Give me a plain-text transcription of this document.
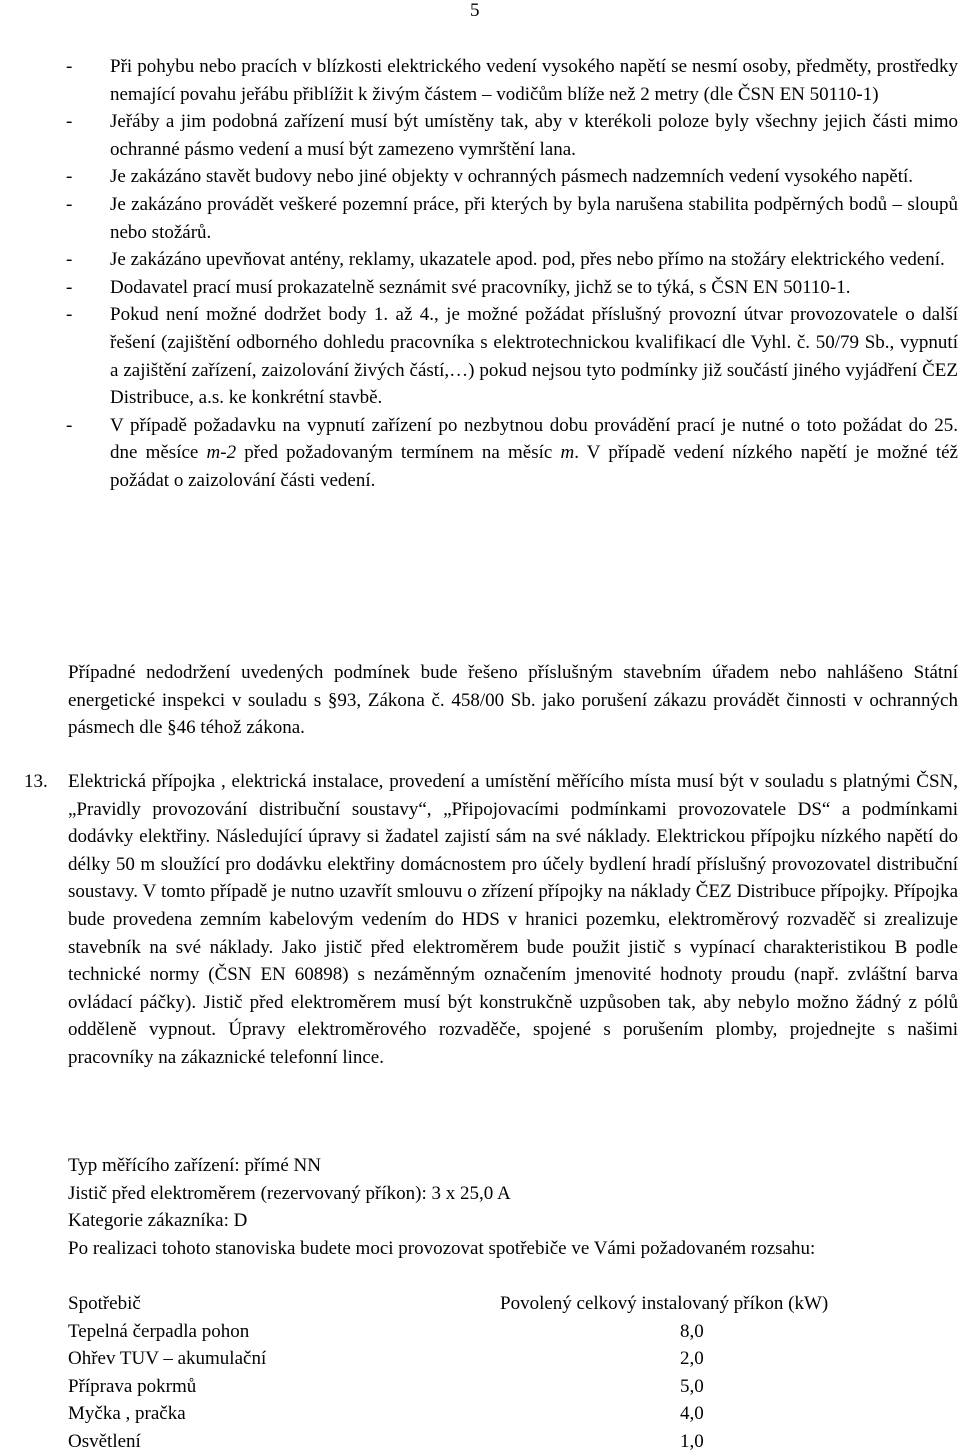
5
- Při pohybu nebo pracích v blízkosti elektrického vedení vysokého napětí se nesmí osoby, předměty, prostředky nemající povahu jeřábu přiblížit k živým částem – vodičům blíže než 2 metry (dle ČSN EN 50110-1)
- Jeřáby a jim podobná zařízení musí být umístěny tak, aby v kterékoli poloze byly všechny jejich části mimo ochranné pásmo vedení a musí být zamezeno vymrštění lana.
- Je zakázáno stavět budovy nebo jiné objekty v ochranných pásmech nadzemních vedení vysokého napětí.
- Je zakázáno provádět veškeré pozemní práce, při kterých by byla narušena stabilita podpěrných bodů – sloupů nebo stožárů.
- Je zakázáno upevňovat antény, reklamy, ukazatele apod. pod, přes nebo přímo na stožáry elektrického vedení.
- Dodavatel prací musí prokazatelně seznámit své pracovníky, jichž se to týká, s ČSN EN 50110-1.
- Pokud není možné dodržet body 1. až 4., je možné požádat příslušný provozní útvar provozovatele o další řešení (zajištění odborného dohledu pracovníka s elektrotechnickou kvalifikací dle Vyhl. č. 50/79 Sb., vypnutí a zajištění zařízení, zaizolování živých částí,…) pokud nejsou tyto podmínky již součástí jiného vyjádření ČEZ Distribuce, a.s. ke konkrétní stavbě.
- V případě požadavku na vypnutí zařízení po nezbytnou dobu provádění prací je nutné o toto požádat do 25. dne měsíce m-2 před požadovaným termínem na měsíc m. V případě vedení nízkého napětí je možné též požádat o zaizolování části vedení.

Případné nedodržení uvedených podmínek bude řešeno příslušným stavebním úřadem nebo nahlášeno Státní energetické inspekci v souladu s §93, Zákona č. 458/00 Sb. jako porušení zákazu provádět činnosti v ochranných pásmech dle §46 téhož zákona.

13. Elektrická přípojka , elektrická instalace, provedení a umístění měřícího místa musí být v souladu s platnými ČSN, „Pravidly provozování distribuční soustavy“, „Připojovacími podmínkami provozovatele DS“ a podmínkami dodávky elektřiny. Následující úpravy si žadatel zajistí sám na své náklady. Elektrickou přípojku nízkého napětí do délky 50 m sloužící pro dodávku elektřiny domácnostem pro účely bydlení hradí příslušný provozovatel distribuční soustavy. V tomto případě je nutno uzavřít smlouvu o zřízení přípojky na náklady ČEZ Distribuce přípojky. Přípojka bude provedena zemním kabelovým vedením do HDS v hranici pozemku, elektroměrový rozvaděč si zrealizuje stavebník na své náklady. Jako jistič před elektroměrem bude použit jistič s vypínací charakteristikou B podle technické normy (ČSN EN 60898) s nezáměnným označením jmenovité hodnoty proudu (např. zvláštní barva ovládací páčky). Jistič před elektroměrem musí být konstrukčně uzpůsoben tak, aby nebylo možno žádný z pólů odděleně vypnout. Úpravy elektroměrového rozvaděče, spojené s porušením plomby, projednejte s našimi pracovníky na zákaznické telefonní lince.

Typ měřícího zařízení: přímé NN

Jistič před elektroměrem (rezervovaný příkon): 3 x 25,0 A

Kategorie zákazníka: D

Po realizaci tohoto stanoviska budete moci provozovat spotřebiče ve Vámi požadovaném rozsahu:

Spotřebič	Povolený celkový instalovaný příkon (kW)
Tepelná čerpadla pohon	8,0
Ohřev TUV – akumulační	2,0
Příprava pokrmů	5,0
Myčka , pračka	4,0
Osvětlení	1,0
